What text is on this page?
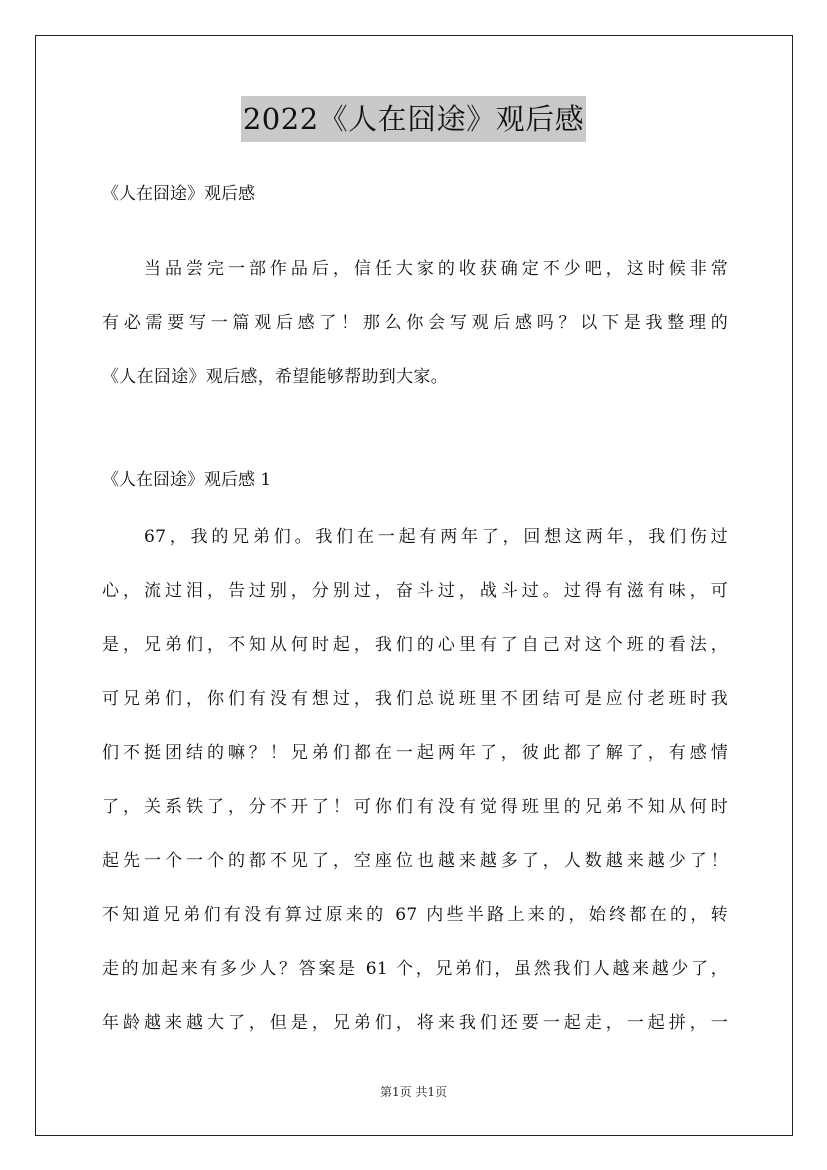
2022《人在囧途》观后感
《人在囧途》观后感
当品尝完一部作品后，信任大家的收获确定不少吧，这时候非常
有必需要写一篇观后感了！那么你会写观后感吗？以下是我整理的
《人在囧途》观后感，希望能够帮助到大家。
《人在囧途》观后感 1
67，我的兄弟们。我们在一起有两年了，回想这两年，我们伤过
心，流过泪，告过别，分别过，奋斗过，战斗过。过得有滋有味，可
是，兄弟们，不知从何时起，我们的心里有了自己对这个班的看法，
可兄弟们，你们有没有想过，我们总说班里不团结可是应付老班时我
们不挺团结的嘛？！兄弟们都在一起两年了，彼此都了解了，有感情
了，关系铁了，分不开了！可你们有没有觉得班里的兄弟不知从何时
起先一个一个的都不见了，空座位也越来越多了，人数越来越少了！
不知道兄弟们有没有算过原来的 67 内些半路上来的，始终都在的，转
走的加起来有多少人？答案是 61 个，兄弟们，虽然我们人越来越少了，
年龄越来越大了，但是，兄弟们，将来我们还要一起走，一起拼，一
第1页 共1页
